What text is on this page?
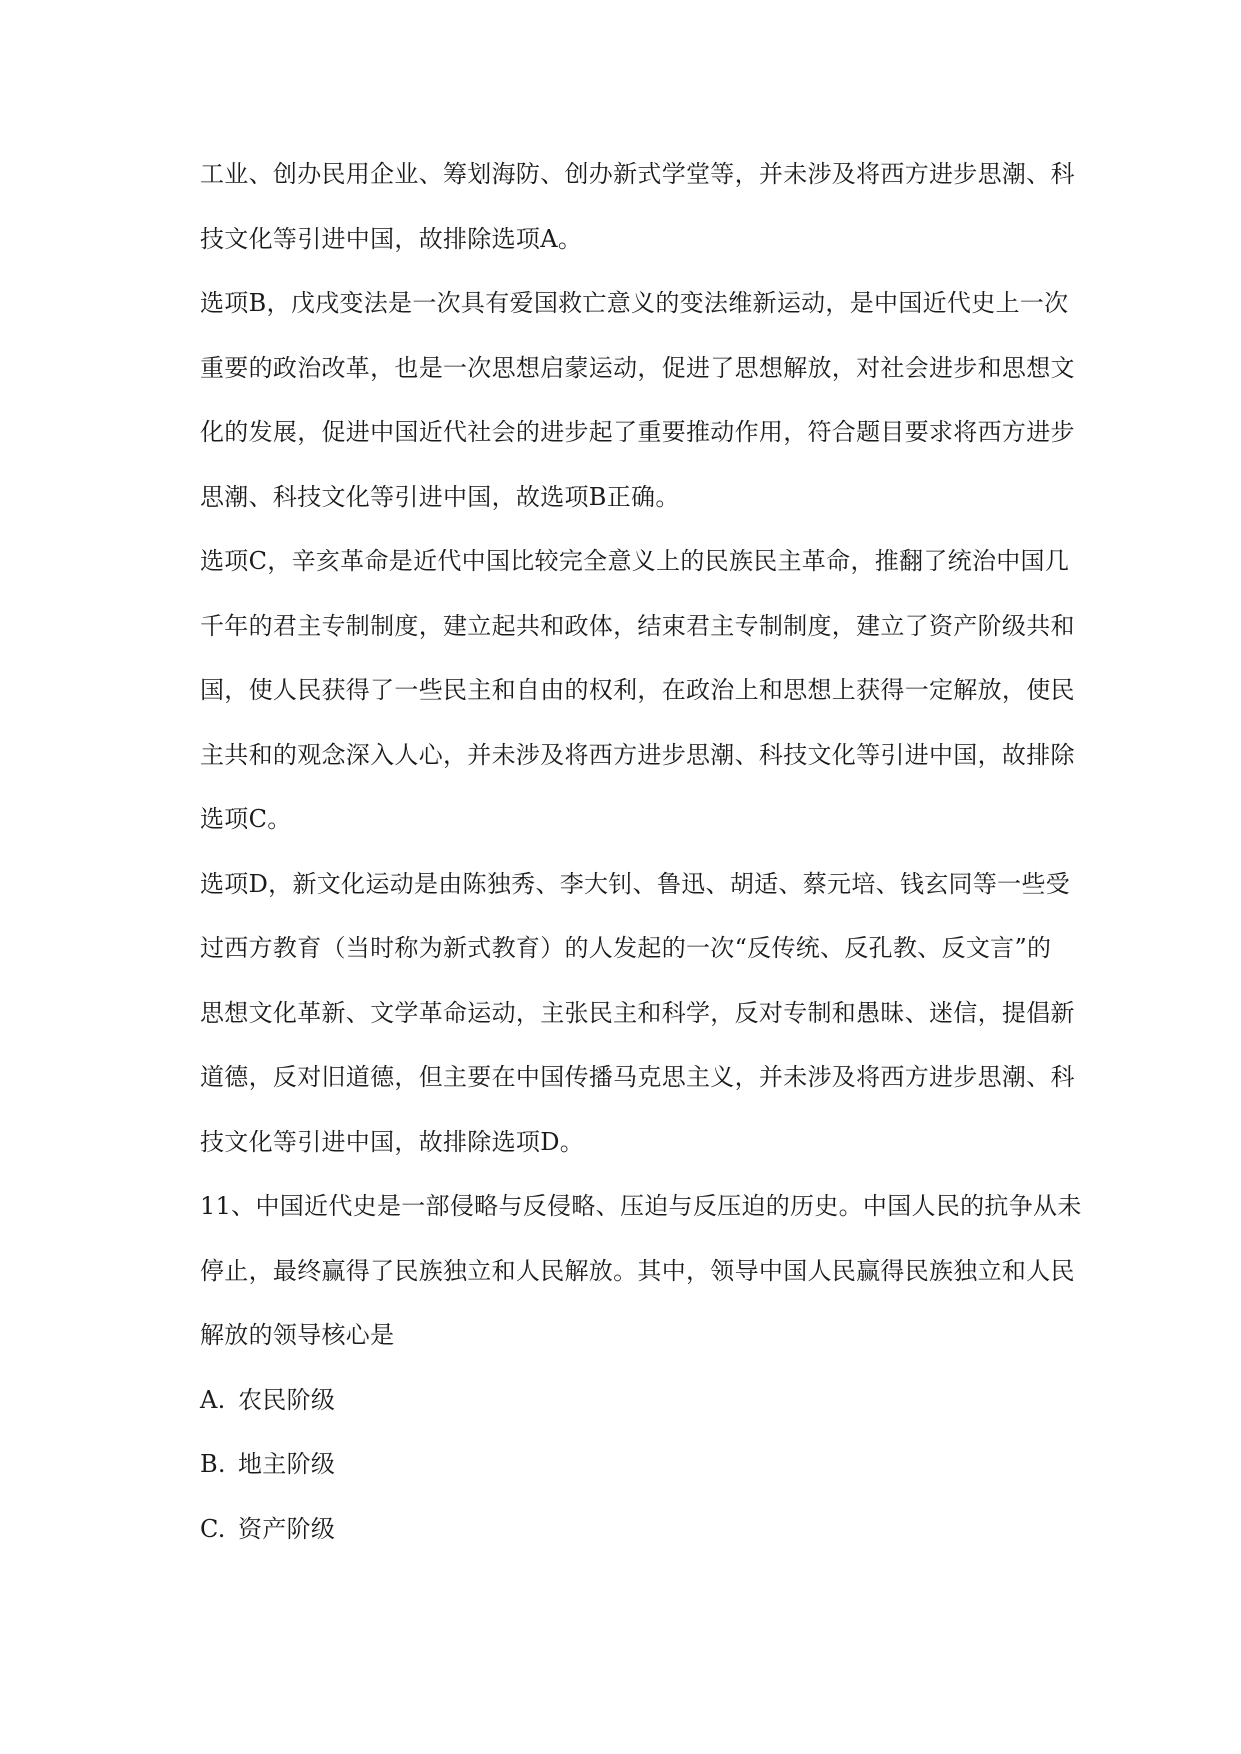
工业、创办民用企业、筹划海防、创办新式学堂等，并未涉及将西方进步思潮、科
技文化等引进中国，故排除选项A。
选项B，戊戌变法是一次具有爱国救亡意义的变法维新运动，是中国近代史上一次
重要的政治改革，也是一次思想启蒙运动，促进了思想解放，对社会进步和思想文
化的发展，促进中国近代社会的进步起了重要推动作用，符合题目要求将西方进步
思潮、科技文化等引进中国，故选项B正确。
选项C，辛亥革命是近代中国比较完全意义上的民族民主革命，推翻了统治中国几
千年的君主专制制度，建立起共和政体，结束君主专制制度，建立了资产阶级共和
国，使人民获得了一些民主和自由的权利，在政治上和思想上获得一定解放，使民
主共和的观念深入人心，并未涉及将西方进步思潮、科技文化等引进中国，故排除
选项C。
选项D，新文化运动是由陈独秀、李大钊、鲁迅、胡适、蔡元培、钱玄同等一些受
过西方教育（当时称为新式教育）的人发起的一次“反传统、反孔教、反文言”的
思想文化革新、文学革命运动，主张民主和科学，反对专制和愚昧、迷信，提倡新
道德，反对旧道德，但主要在中国传播马克思主义，并未涉及将西方进步思潮、科
技文化等引进中国，故排除选项D。
11、中国近代史是一部侵略与反侵略、压迫与反压迫的历史。中国人民的抗争从未
停止，最终赢得了民族独立和人民解放。其中，领导中国人民赢得民族独立和人民
解放的领导核心是
A. 农民阶级
B. 地主阶级
C. 资产阶级
